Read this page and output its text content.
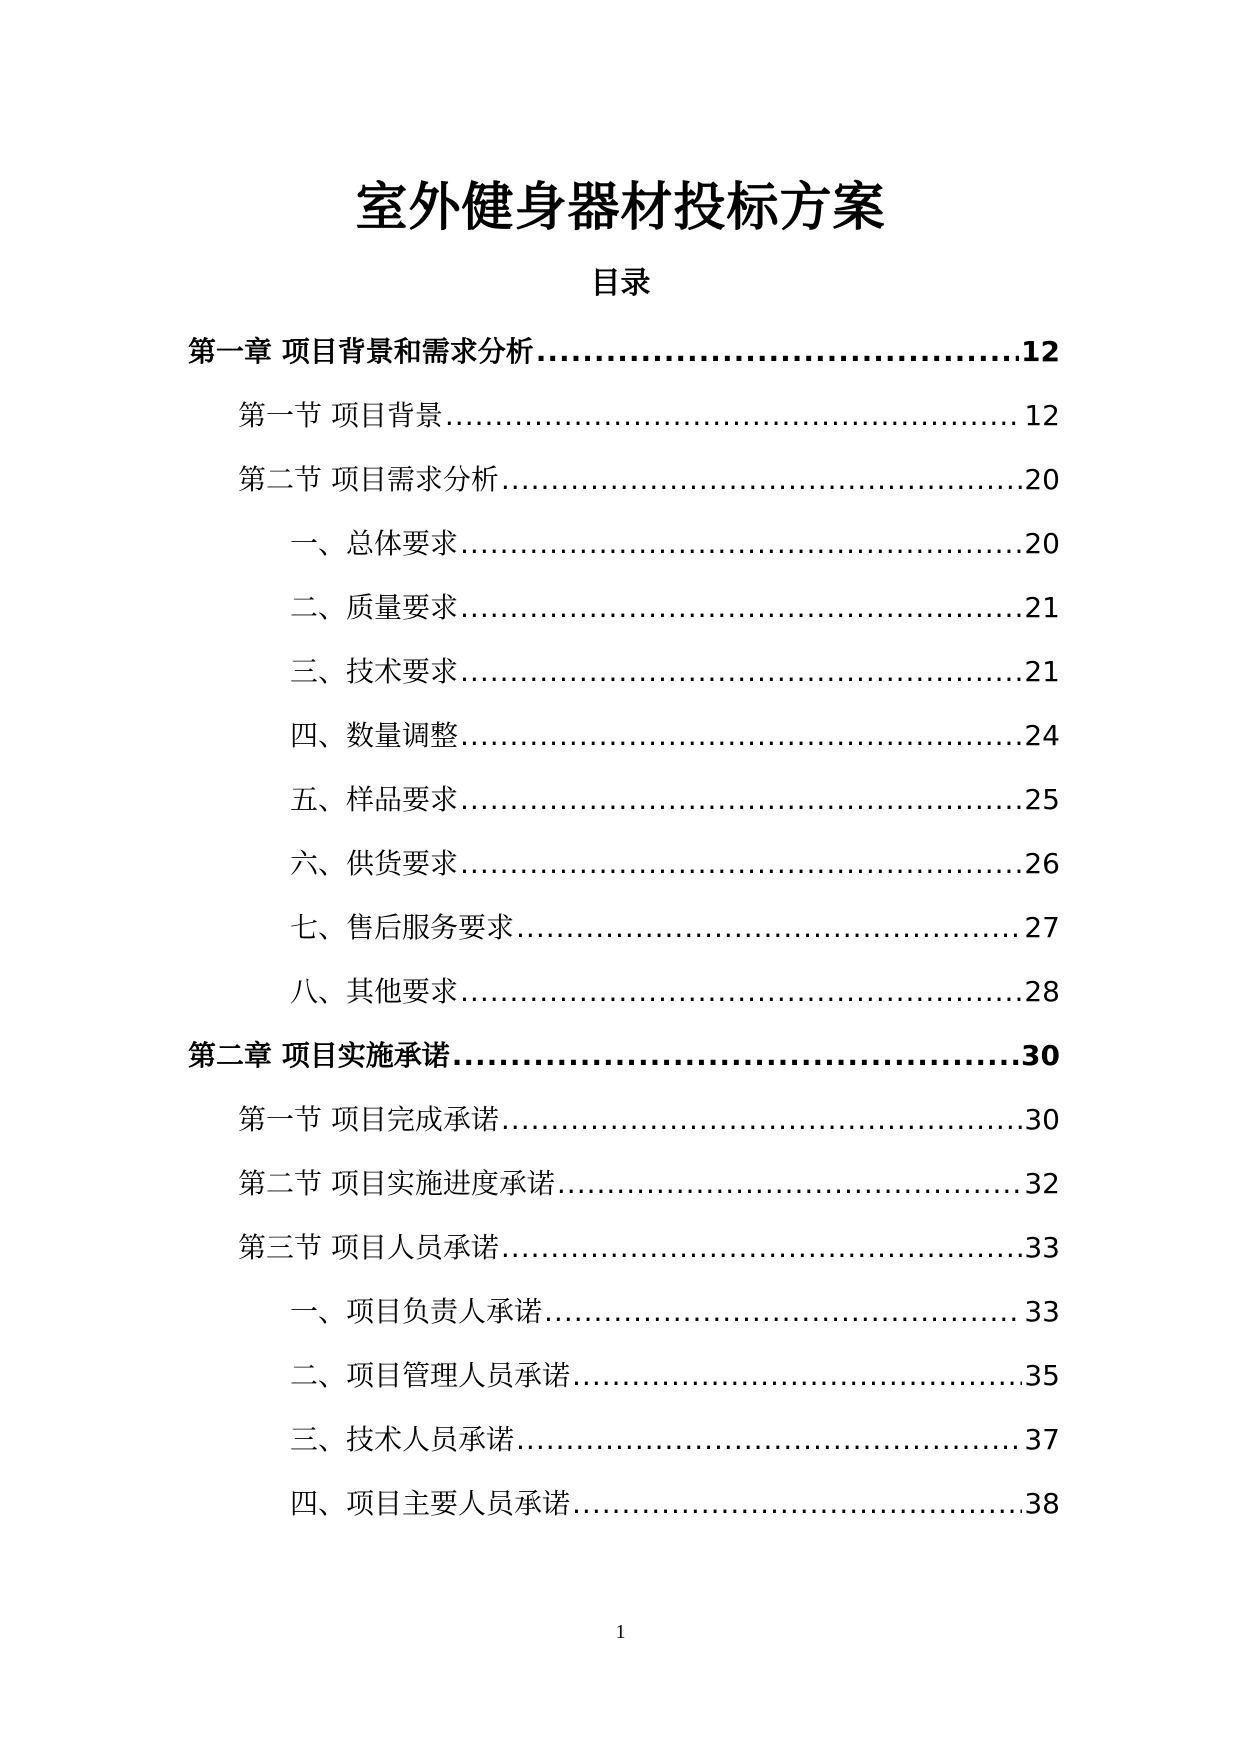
室外健身器材投标方案
目录
第一章 项目背景和需求分析 .....	12
第一节 项目背景 .....	12
第二节 项目需求分析 .....	20
一、总体要求 .....	20
二、质量要求 .....	21
三、技术要求 .....	21
四、数量调整 .....	24
五、样品要求 .....	25
六、供货要求 .....	26
七、售后服务要求 .....	27
八、其他要求 .....	28
第二章 项目实施承诺 .....	30
第一节 项目完成承诺 .....	30
第二节 项目实施进度承诺 .....	32
第三节 项目人员承诺 .....	33
一、项目负责人承诺 .....	33
二、项目管理人员承诺 .....	35
三、技术人员承诺 .....	37
四、项目主要人员承诺 .....	38
1
